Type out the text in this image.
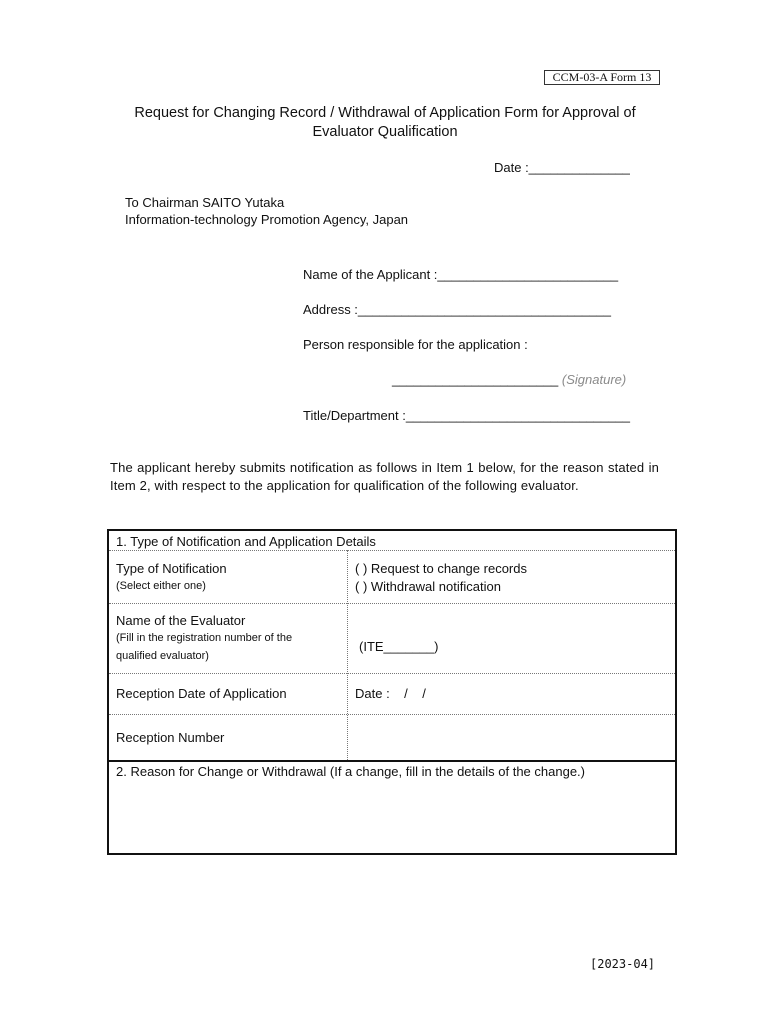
CCM-03-A Form 13
Request for Changing Record / Withdrawal of Application Form for Approval of
Evaluator Qualification
Date :______________
To Chairman SAITO Yutaka
Information-technology Promotion Agency, Japan
Name of the Applicant :_________________________
Address :___________________________________
Person responsible for the application :
_______________________ (Signature)
Title/Department :_______________________________
The applicant hereby submits notification as follows in Item 1 below, for the reason stated in Item 2, with respect to the application for qualification of the following evaluator.
1. Type of Notification and Application Details
Type of Notification
(Select either one)
( ) Request to change records
( ) Withdrawal notification
Name of the Evaluator
(Fill in the registration number of the
qualified evaluator)
(ITE_______)
Reception Date of Application	Date :    /    /
Reception Number
2. Reason for Change or Withdrawal (If a change, fill in the details of the change.)
[2023-04]
